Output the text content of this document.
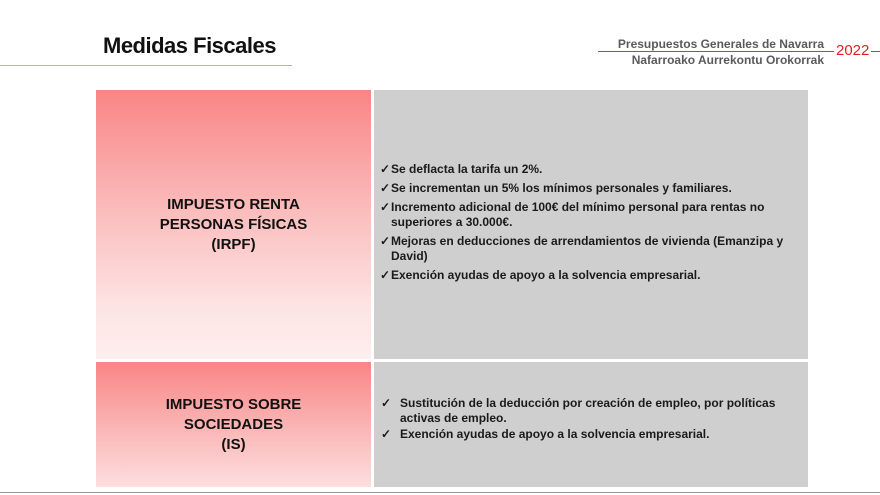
Medidas Fiscales	Presupuestos Generales de Navarra
Nafarroako Aurrekontu Orokorrak
2022
IMPUESTO RENTA
PERSONAS FÍSICAS
(IRPF)
✓ Se deflacta la tarifa un 2%.
✓ Se incrementan un 5% los mínimos personales y familiares.
✓ Incremento adicional de 100€ del mínimo personal para rentas no superiores a 30.000€.
✓ Mejoras en deducciones de arrendamientos de vivienda (Emanzipa y David)
✓ Exención ayudas de apoyo a la solvencia empresarial.
IMPUESTO SOBRE
SOCIEDADES
(IS)
✓ Sustitución de la deducción por creación de empleo, por políticas activas de empleo.
✓ Exención ayudas de apoyo a la solvencia empresarial.
